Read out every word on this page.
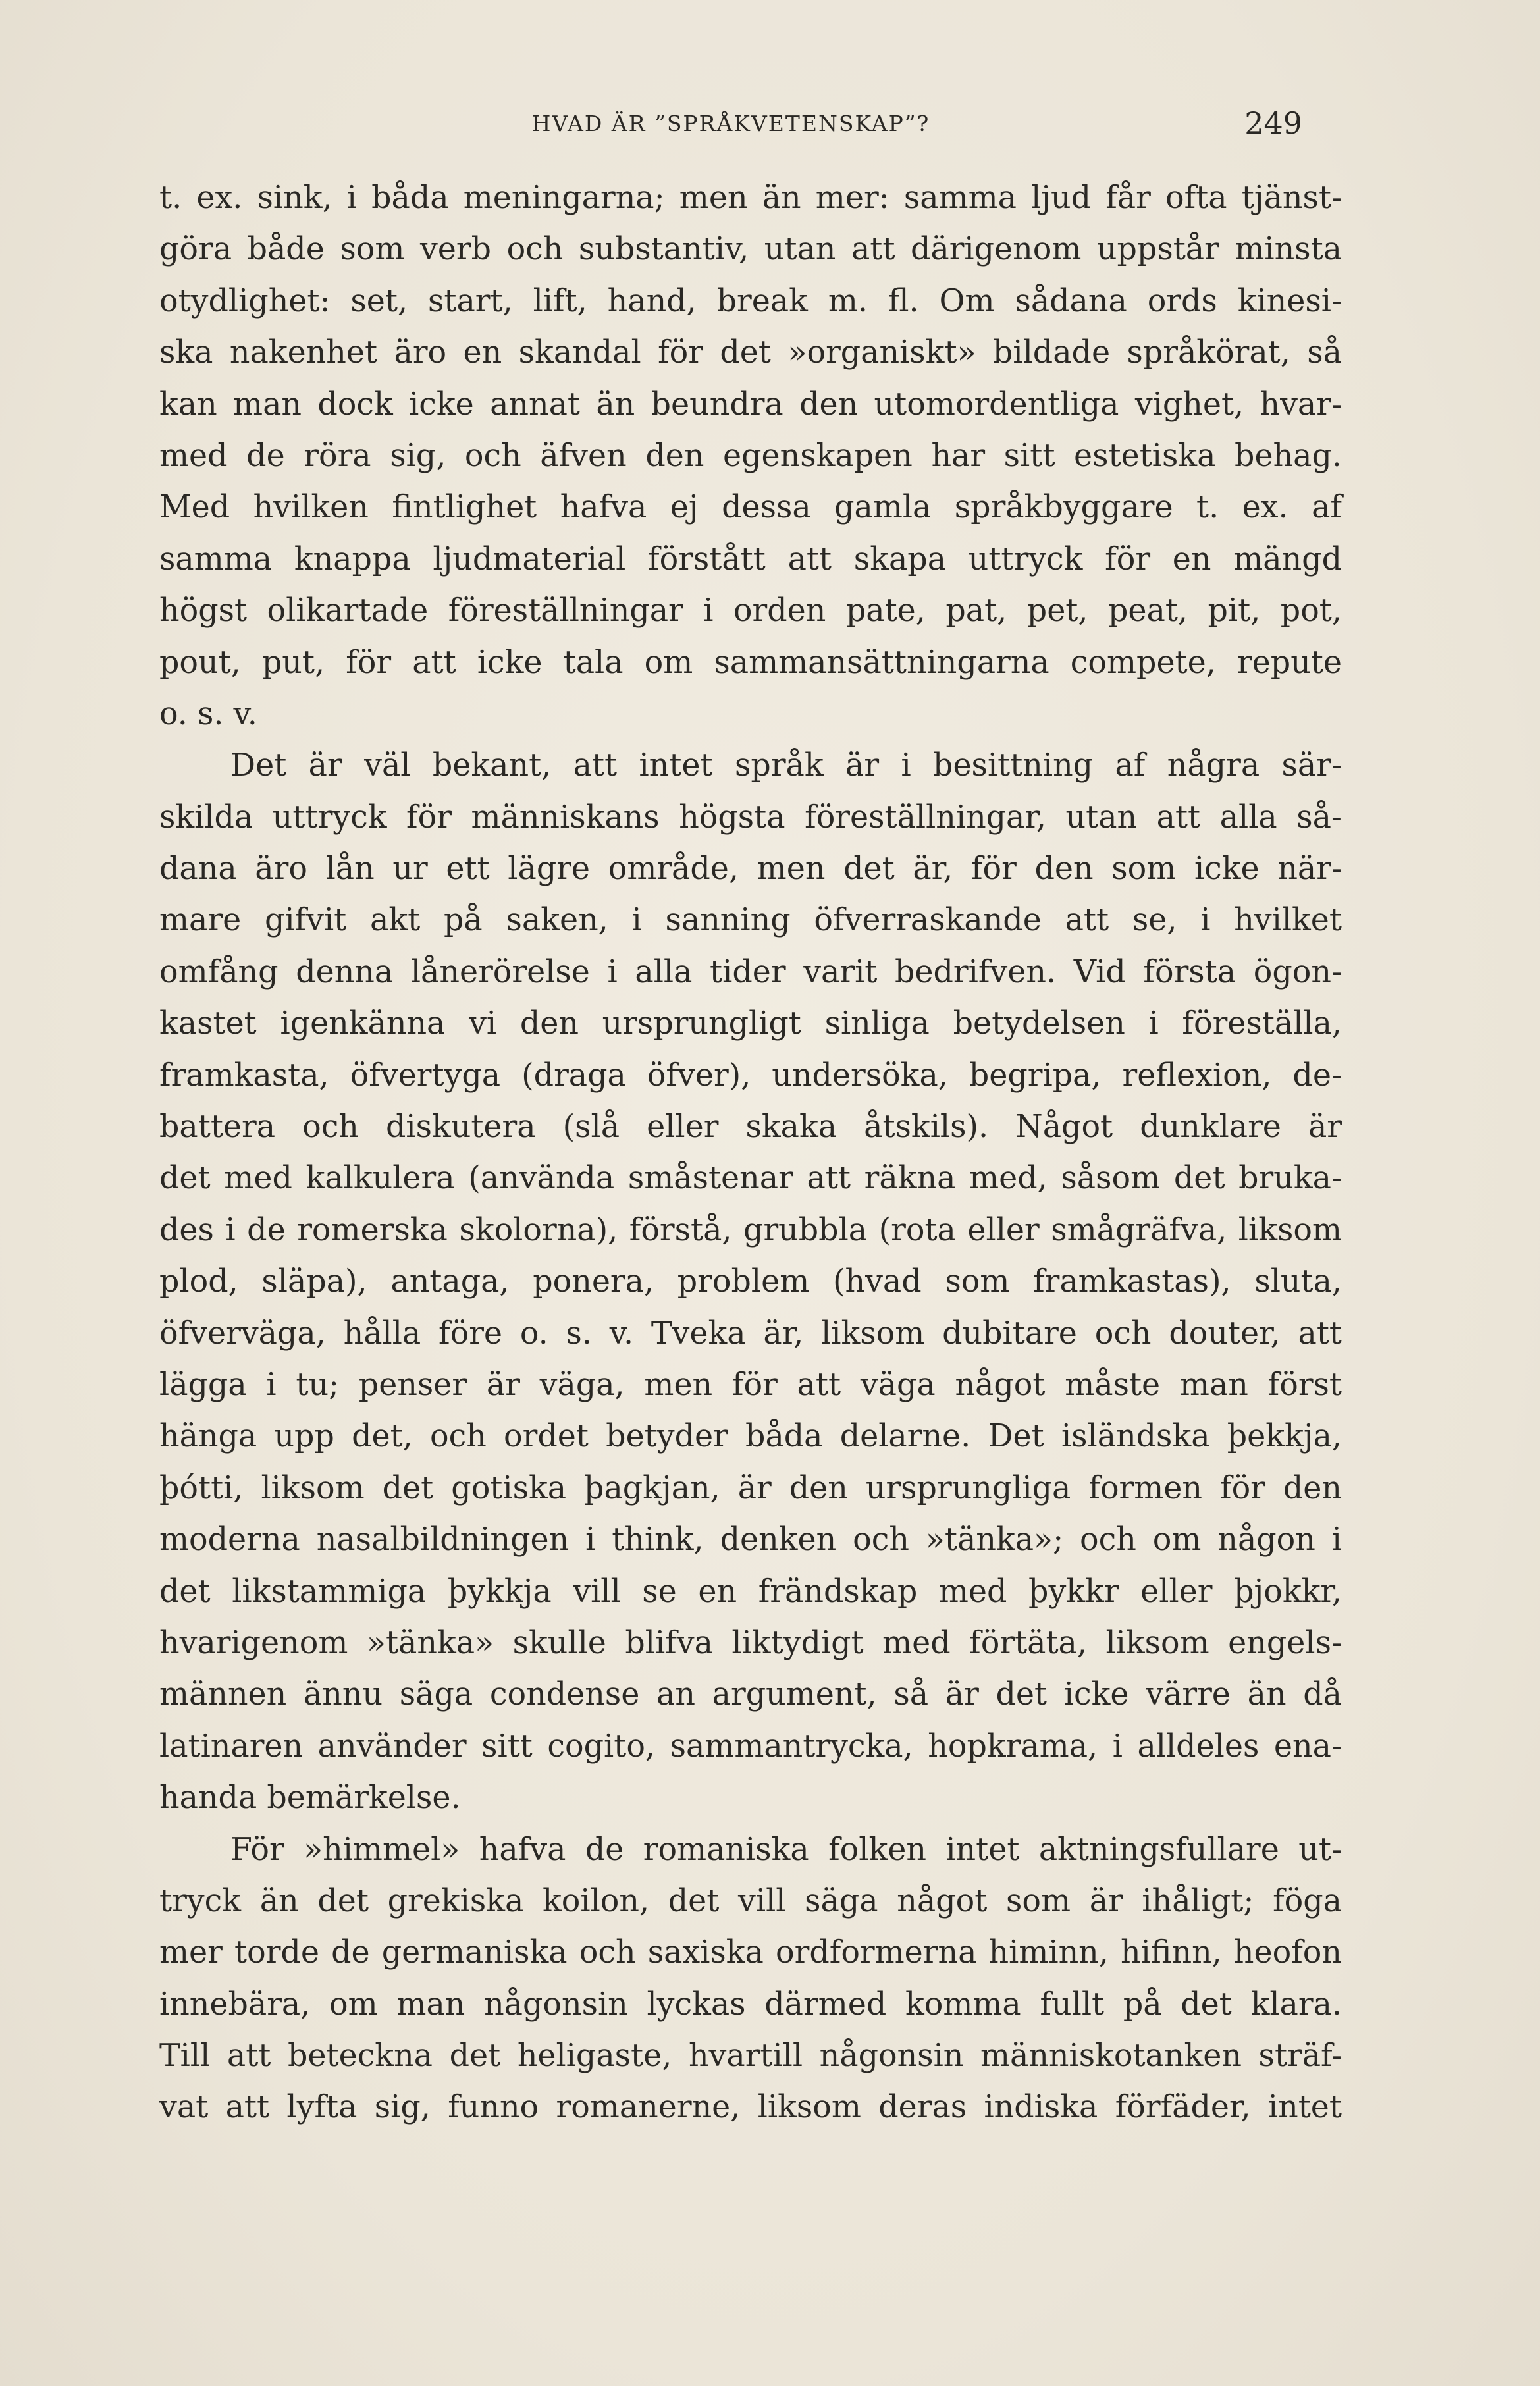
HVAD ÄR ”SPRÅKVETENSKAP”?	249
t. ex. sink, i båda meningarna; men än mer: samma ljud får ofta tjänst-
göra både som verb och substantiv, utan att därigenom uppstår minsta
otydlighet: set, start, lift, hand, break m. fl. Om sådana ords kinesi-
ska nakenhet äro en skandal för det »organiskt» bildade språkörat, så
kan man dock icke annat än beundra den utomordentliga vighet, hvar-
med de röra sig, och äfven den egenskapen har sitt estetiska behag.
Med hvilken fintlighet hafva ej dessa gamla språkbyggare t. ex. af
samma knappa ljudmaterial förstått att skapa uttryck för en mängd
högst olikartade föreställningar i orden pate, pat, pet, peat, pit, pot,
pout, put, för att icke tala om sammansättningarna compete, repute
o. s. v.
Det är väl bekant, att intet språk är i besittning af några sär-
skilda uttryck för människans högsta föreställningar, utan att alla så-
dana äro lån ur ett lägre område, men det är, för den som icke när-
mare gifvit akt på saken, i sanning öfverraskande att se, i hvilket
omfång denna lånerörelse i alla tider varit bedrifven. Vid första ögon-
kastet igenkänna vi den ursprungligt sinliga betydelsen i föreställa,
framkasta, öfvertyga (draga öfver), undersöka, begripa, reflexion, de-
battera och diskutera (slå eller skaka åtskils). Något dunklare är
det med kalkulera (använda småstenar att räkna med, såsom det bruka-
des i de romerska skolorna), förstå, grubbla (rota eller smågräfva, liksom
plod, släpa), antaga, ponera, problem (hvad som framkastas), sluta,
öfverväga, hålla före o. s. v. Tveka är, liksom dubitare och douter, att
lägga i tu; penser är väga, men för att väga något måste man först
hänga upp det, och ordet betyder båda delarne. Det isländska þekkja,
þótti, liksom det gotiska þagkjan, är den ursprungliga formen för den
moderna nasalbildningen i think, denken och »tänka»; och om någon i
det likstammiga þykkja vill se en frändskap med þykkr eller þjokkr,
hvarigenom »tänka» skulle blifva liktydigt med förtäta, liksom engels-
männen ännu säga condense an argument, så är det icke värre än då
latinaren använder sitt cogito, sammantrycka, hopkrama, i alldeles ena-
handa bemärkelse.
För »himmel» hafva de romaniska folken intet aktningsfullare ut-
tryck än det grekiska koilon, det vill säga något som är ihåligt; föga
mer torde de germaniska och saxiska ordformerna himinn, hifinn, heofon
innebära, om man någonsin lyckas därmed komma fullt på det klara.
Till att beteckna det heligaste, hvartill någonsin människotanken sträf-
vat att lyfta sig, funno romanerne, liksom deras indiska förfäder, intet
